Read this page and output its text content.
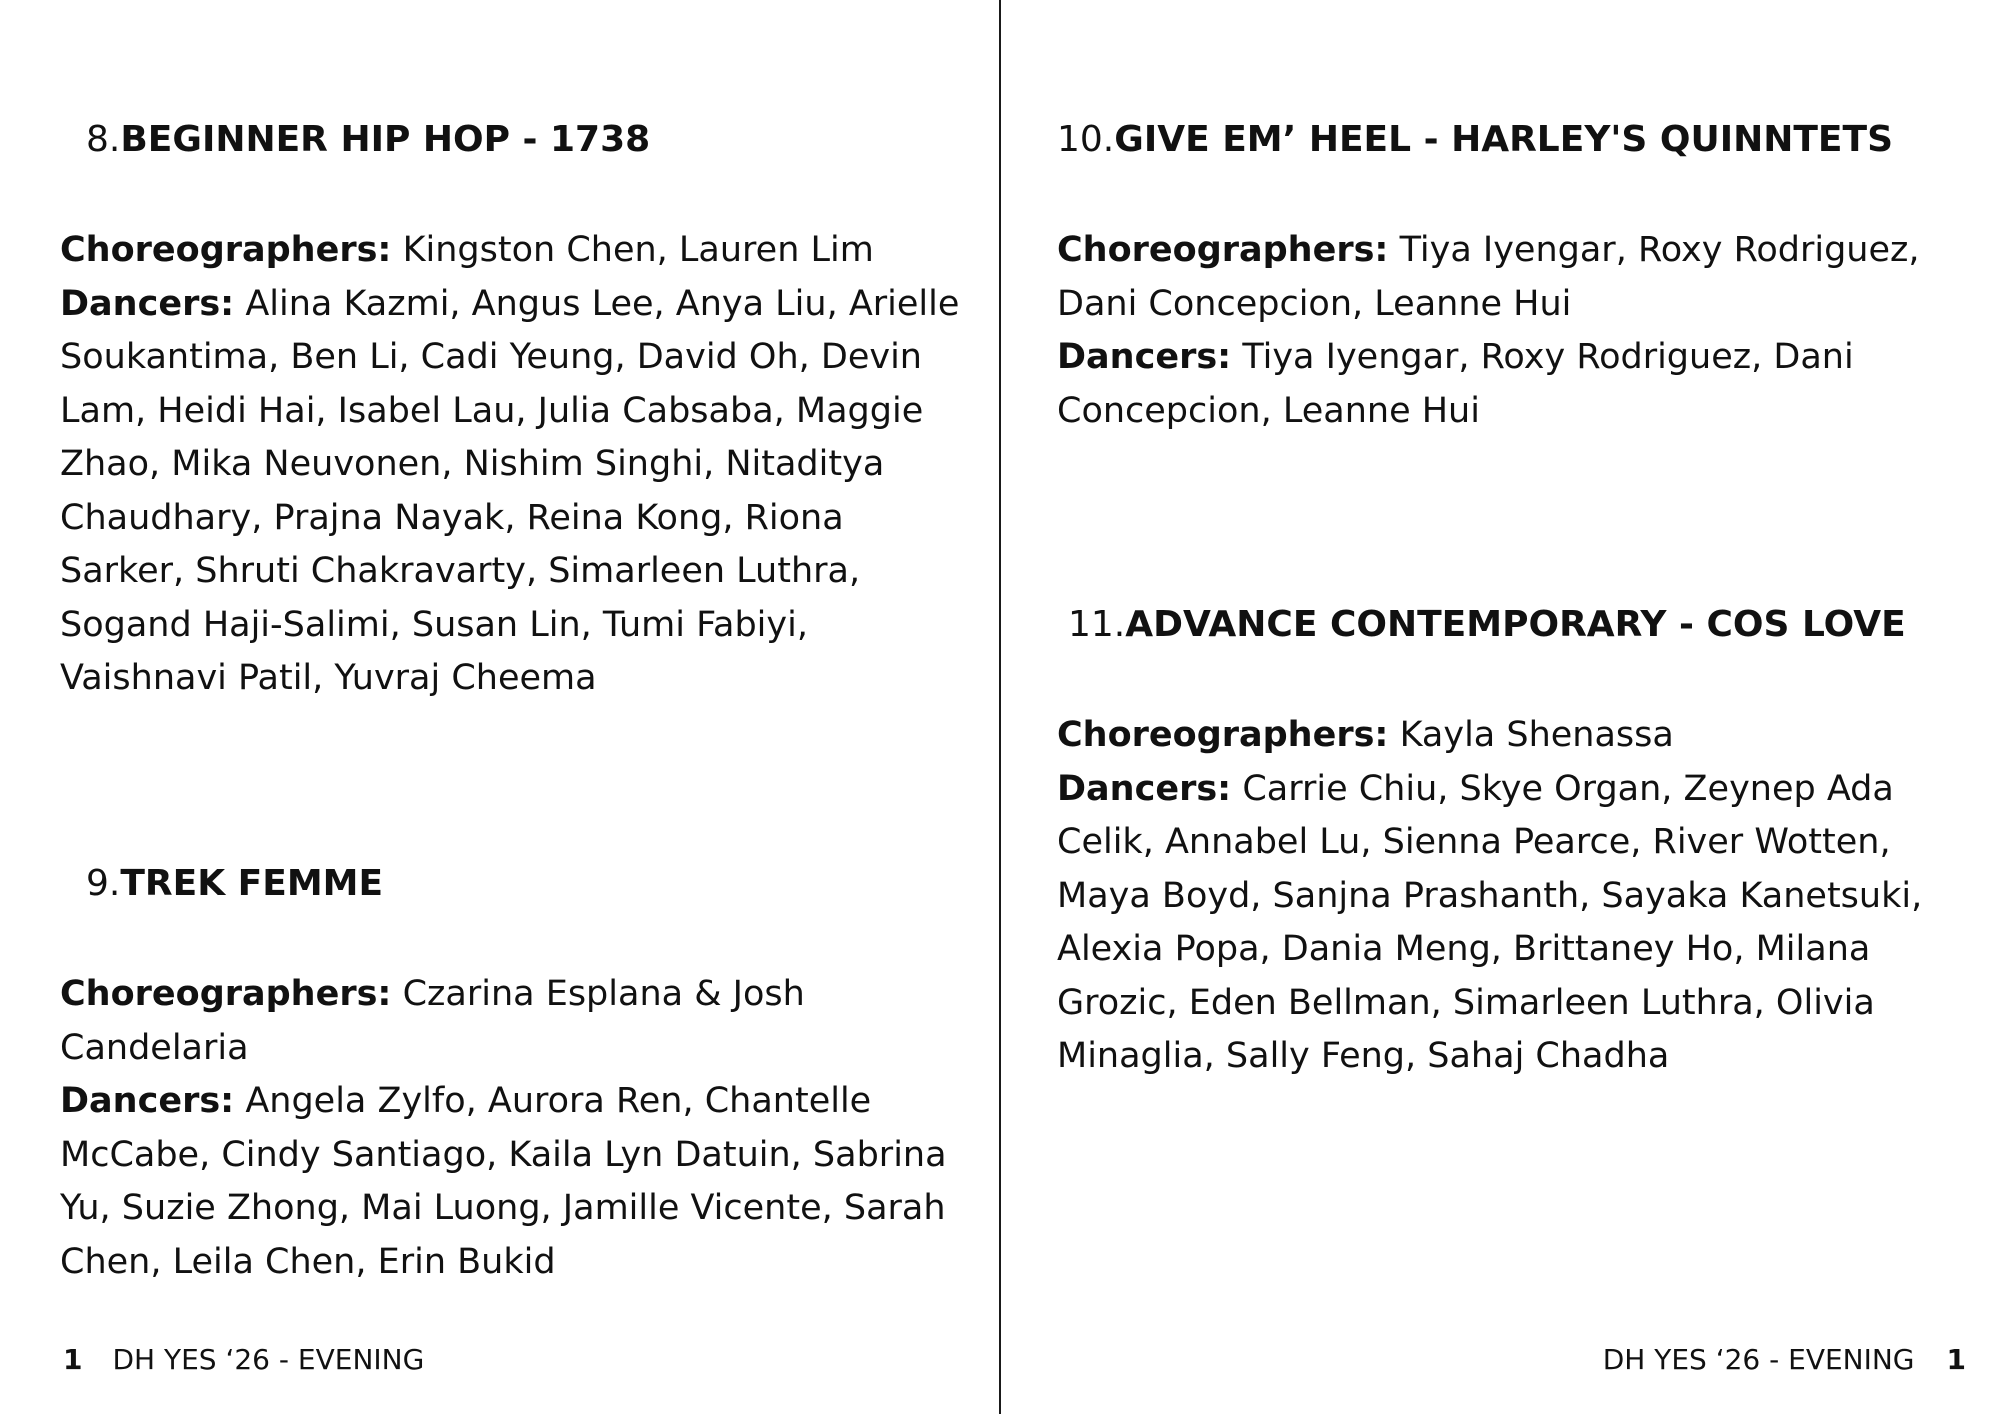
8.BEGINNER HIP HOP - 1738

Choreographers: Kingston Chen, Lauren Lim

Dancers: Alina Kazmi, Angus Lee, Anya Liu, Arielle Soukantima, Ben Li, Cadi Yeung, David Oh, Devin Lam, Heidi Hai, Isabel Lau, Julia Cabsaba, Maggie Zhao, Mika Neuvonen, Nishim Singhi, Nitaditya Chaudhary, Prajna Nayak, Reina Kong, Riona Sarker, Shruti Chakravarty, Simarleen Luthra, Sogand Haji-Salimi, Susan Lin, Tumi Fabiyi, Vaishnavi Patil, Yuvraj Cheema

9.TREK FEMME

Choreographers: Czarina Esplana & Josh Candelaria

Dancers: Angela Zylfo, Aurora Ren, Chantelle McCabe, Cindy Santiago, Kaila Lyn Datuin, Sabrina Yu, Suzie Zhong, Mai Luong, Jamille Vicente, Sarah Chen, Leila Chen, Erin Bukid

1 DH YES ‘26 - EVENING
10.GIVE EM’ HEEL - HARLEY'S QUINNTETS

Choreographers: Tiya Iyengar, Roxy Rodriguez, Dani Concepcion, Leanne Hui

Dancers: Tiya Iyengar, Roxy Rodriguez, Dani Concepcion, Leanne Hui

11.ADVANCE CONTEMPORARY - COS LOVE

Choreographers: Kayla Shenassa

Dancers: Carrie Chiu, Skye Organ, Zeynep Ada Celik, Annabel Lu, Sienna Pearce, River Wotten, Maya Boyd, Sanjna Prashanth, Sayaka Kanetsuki, Alexia Popa, Dania Meng, Brittaney Ho, Milana Grozic, Eden Bellman, Simarleen Luthra, Olivia Minaglia, Sally Feng, Sahaj Chadha

DH YES ‘26 - EVENING 1
